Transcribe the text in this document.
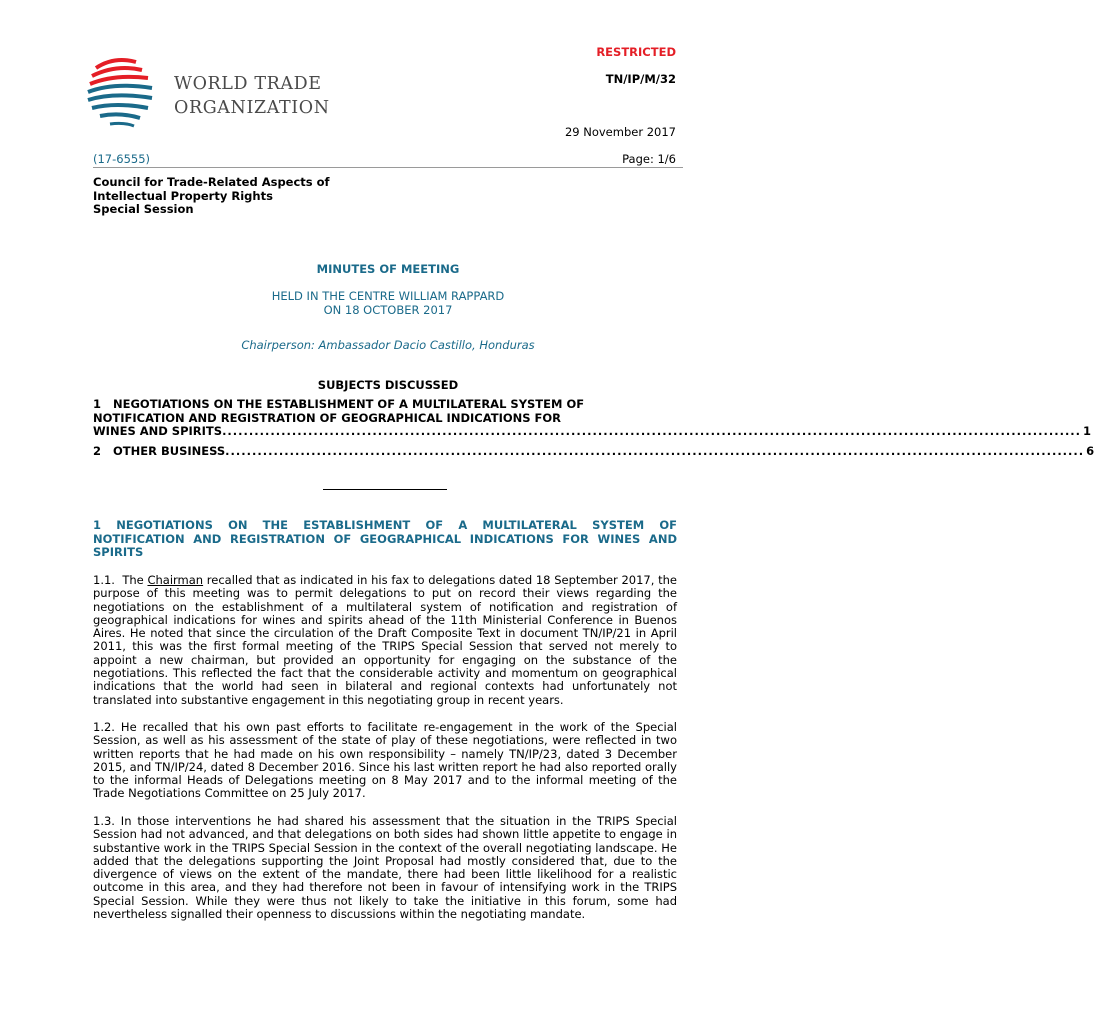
WORLD TRADE
ORGANIZATION
RESTRICTED
TN/IP/M/32
29 November 2017
(17-6555)	Page: 1/6
Council for Trade-Related Aspects of
Intellectual Property Rights
Special Session
MINUTES OF MEETING
HELD IN THE CENTRE WILLIAM RAPPARD
ON 18 OCTOBER 2017
Chairperson: Ambassador Dacio Castillo, Honduras
SUBJECTS DISCUSSED
1   NEGOTIATIONS ON THE ESTABLISHMENT OF A MULTILATERAL SYSTEM OF
NOTIFICATION AND REGISTRATION OF GEOGRAPHICAL INDICATIONS FOR
WINES AND SPIRITS ................................................................................................................................................................ 1
2   OTHER BUSINESS ................................................................................................................................................................ 6
1 NEGOTIATIONS ON THE ESTABLISHMENT OF A MULTILATERAL SYSTEM OF NOTIFICATION AND REGISTRATION OF GEOGRAPHICAL INDICATIONS FOR WINES AND SPIRITS
1.1.  The Chairman recalled that as indicated in his fax to delegations dated 18 September 2017, the purpose of this meeting was to permit delegations to put on record their views regarding the negotiations on the establishment of a multilateral system of notification and registration of geographical indications for wines and spirits ahead of the 11th Ministerial Conference in Buenos Aires. He noted that since the circulation of the Draft Composite Text in document TN/IP/21 in April 2011, this was the first formal meeting of the TRIPS Special Session that served not merely to appoint a new chairman, but provided an opportunity for engaging on the substance of the negotiations. This reflected the fact that the considerable activity and momentum on geographical indications that the world had seen in bilateral and regional contexts had unfortunately not translated into substantive engagement in this negotiating group in recent years.
1.2. He recalled that his own past efforts to facilitate re-engagement in the work of the Special Session, as well as his assessment of the state of play of these negotiations, were reflected in two written reports that he had made on his own responsibility – namely TN/IP/23, dated 3 December 2015, and TN/IP/24, dated 8 December 2016. Since his last written report he had also reported orally to the informal Heads of Delegations meeting on 8 May 2017 and to the informal meeting of the Trade Negotiations Committee on 25 July 2017.
1.3. In those interventions he had shared his assessment that the situation in the TRIPS Special Session had not advanced, and that delegations on both sides had shown little appetite to engage in substantive work in the TRIPS Special Session in the context of the overall negotiating landscape. He added that the delegations supporting the Joint Proposal had mostly considered that, due to the divergence of views on the extent of the mandate, there had been little likelihood for a realistic outcome in this area, and they had therefore not been in favour of intensifying work in the TRIPS Special Session. While they were thus not likely to take the initiative in this forum, some had nevertheless signalled their openness to discussions within the negotiating mandate.
